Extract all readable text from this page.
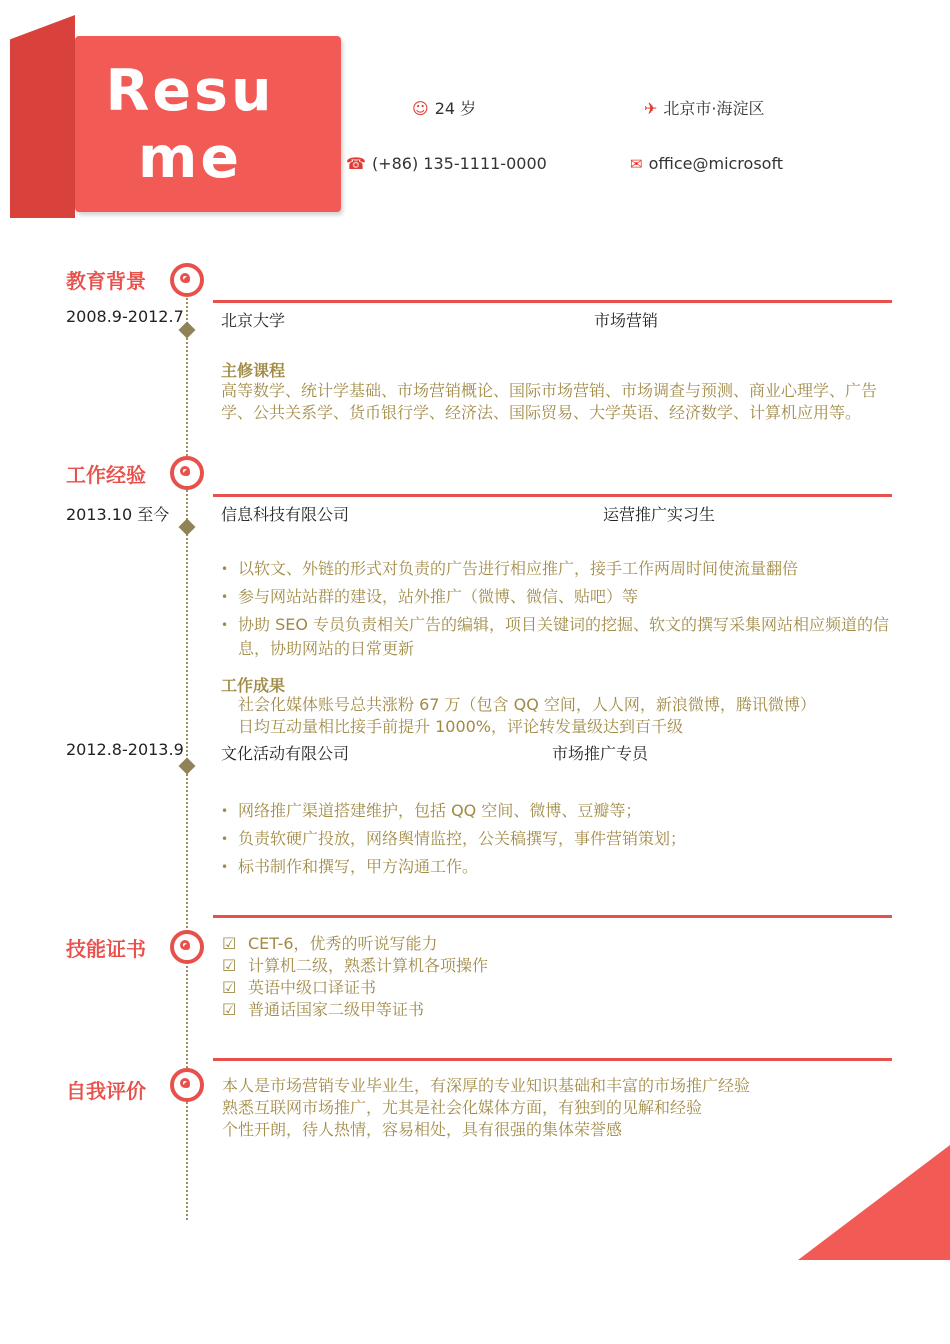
Resume
☺ 24 岁	✈ 北京市·海淀区
☎ (+86) 135-1111-0000	✉ office@microsoft
教育背景
2008.9-2012.7 北京大学	市场营销
主修课程
高等数学、统计学基础、市场营销概论、国际市场营销、市场调查与预测、商业心理学、广告学、公共关系学、货币银行学、经济法、国际贸易、大学英语、经济数学、计算机应用等。
工作经验
2013.10 至今	信息科技有限公司	运营推广实习生
• 以软文、外链的形式对负责的广告进行相应推广，接手工作两周时间使流量翻倍
• 参与网站站群的建设，站外推广（微博、微信、贴吧）等
• 协助 SEO 专员负责相关广告的编辑，项目关键词的挖掘、软文的撰写采集网站相应频道的信息，协助网站的日常更新
工作成果
社会化媒体账号总共涨粉 67 万（包含 QQ 空间，人人网，新浪微博，腾讯微博）
日均互动量相比接手前提升 1000%，评论转发量级达到百千级
2012.8-2013.9 文化活动有限公司	市场推广专员
• 网络推广渠道搭建维护，包括 QQ 空间、微博、豆瓣等；
• 负责软硬广投放，网络舆情监控，公关稿撰写，事件营销策划；
• 标书制作和撰写，甲方沟通工作。
技能证书	☑ CET-6，优秀的听说写能力
☑ 计算机二级，熟悉计算机各项操作
☑ 英语中级口译证书
☑ 普通话国家二级甲等证书
自我评价	本人是市场营销专业毕业生，有深厚的专业知识基础和丰富的市场推广经验
熟悉互联网市场推广，尤其是社会化媒体方面，有独到的见解和经验
个性开朗，待人热情，容易相处，具有很强的集体荣誉感
